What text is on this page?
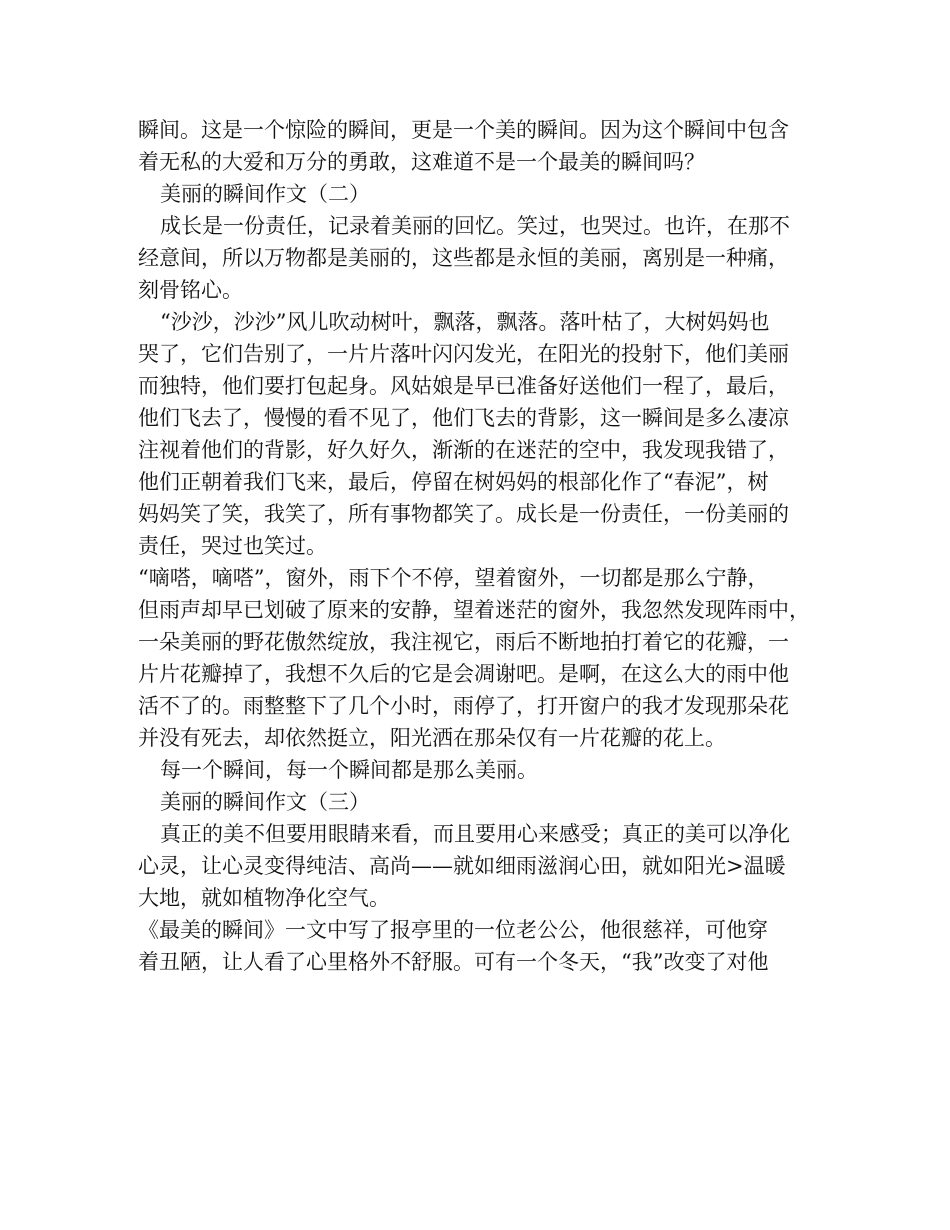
瞬间。这是一个惊险的瞬间，更是一个美的瞬间。因为这个瞬间中包含
着无私的大爱和万分的勇敢，这难道不是一个最美的瞬间吗？
美丽的瞬间作文（二）
成长是一份责任，记录着美丽的回忆。笑过，也哭过。也许，在那不
经意间，所以万物都是美丽的，这些都是永恒的美丽，离别是一种痛，
刻骨铭心。
“沙沙，沙沙”风儿吹动树叶，飘落，飘落。落叶枯了，大树妈妈也
哭了，它们告别了，一片片落叶闪闪发光，在阳光的投射下，他们美丽
而独特，他们要打包起身。风姑娘是早已准备好送他们一程了，最后，
他们飞去了，慢慢的看不见了，他们飞去的背影，这一瞬间是多么凄凉
注视着他们的背影，好久好久，渐渐的在迷茫的空中，我发现我错了，
他们正朝着我们飞来，最后，停留在树妈妈的根部化作了“春泥”，树
妈妈笑了笑，我笑了，所有事物都笑了。成长是一份责任，一份美丽的
责任，哭过也笑过。
“嘀嗒，嘀嗒”，窗外，雨下个不停，望着窗外，一切都是那么宁静，
但雨声却早已划破了原来的安静，望着迷茫的窗外，我忽然发现阵雨中，
一朵美丽的野花傲然绽放，我注视它，雨后不断地拍打着它的花瓣，一
片片花瓣掉了，我想不久后的它是会凋谢吧。是啊，在这么大的雨中他
活不了的。雨整整下了几个小时，雨停了，打开窗户的我才发现那朵花
并没有死去，却依然挺立，阳光洒在那朵仅有一片花瓣的花上。
每一个瞬间，每一个瞬间都是那么美丽。
美丽的瞬间作文（三）
真正的美不但要用眼睛来看，而且要用心来感受；真正的美可以净化
心灵，让心灵变得纯洁、高尚——就如细雨滋润心田，就如阳光>温暖
大地，就如植物净化空气。
《最美的瞬间》一文中写了报亭里的一位老公公，他很慈祥，可他穿
着丑陋，让人看了心里格外不舒服。可有一个冬天，“我”改变了对他
